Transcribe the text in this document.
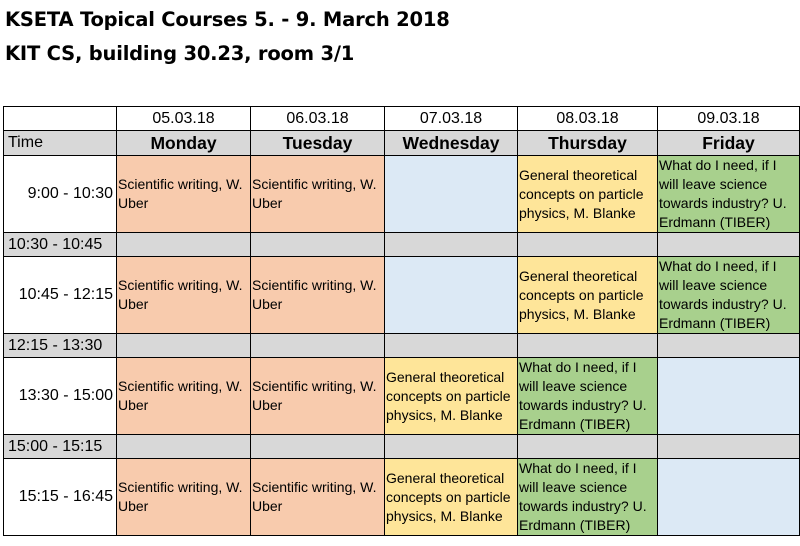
KSETA Topical Courses 5. - 9. March 2018
KIT CS, building 30.23, room 3/1
	05.03.18	06.03.18	07.03.18	08.03.18	09.03.18
Time	Monday	Tuesday	Wednesday	Thursday	Friday
9:00 - 10:30	Scientific writing, W. Uber	Scientific writing, W. Uber		General theoretical concepts on particle physics, M. Blanke	What do I need, if I will leave science towards industry? U. Erdmann (TIBER)
10:30 - 10:45					
10:45 - 12:15	Scientific writing, W. Uber	Scientific writing, W. Uber		General theoretical concepts on particle physics, M. Blanke	What do I need, if I will leave science towards industry? U. Erdmann (TIBER)
12:15 - 13:30					
13:30 - 15:00	Scientific writing, W. Uber	Scientific writing, W. Uber	General theoretical concepts on particle physics, M. Blanke	What do I need, if I will leave science towards industry? U. Erdmann (TIBER)	
15:00 - 15:15					
15:15 - 16:45	Scientific writing, W. Uber	Scientific writing, W. Uber	General theoretical concepts on particle physics, M. Blanke	What do I need, if I will leave science towards industry? U. Erdmann (TIBER)	
